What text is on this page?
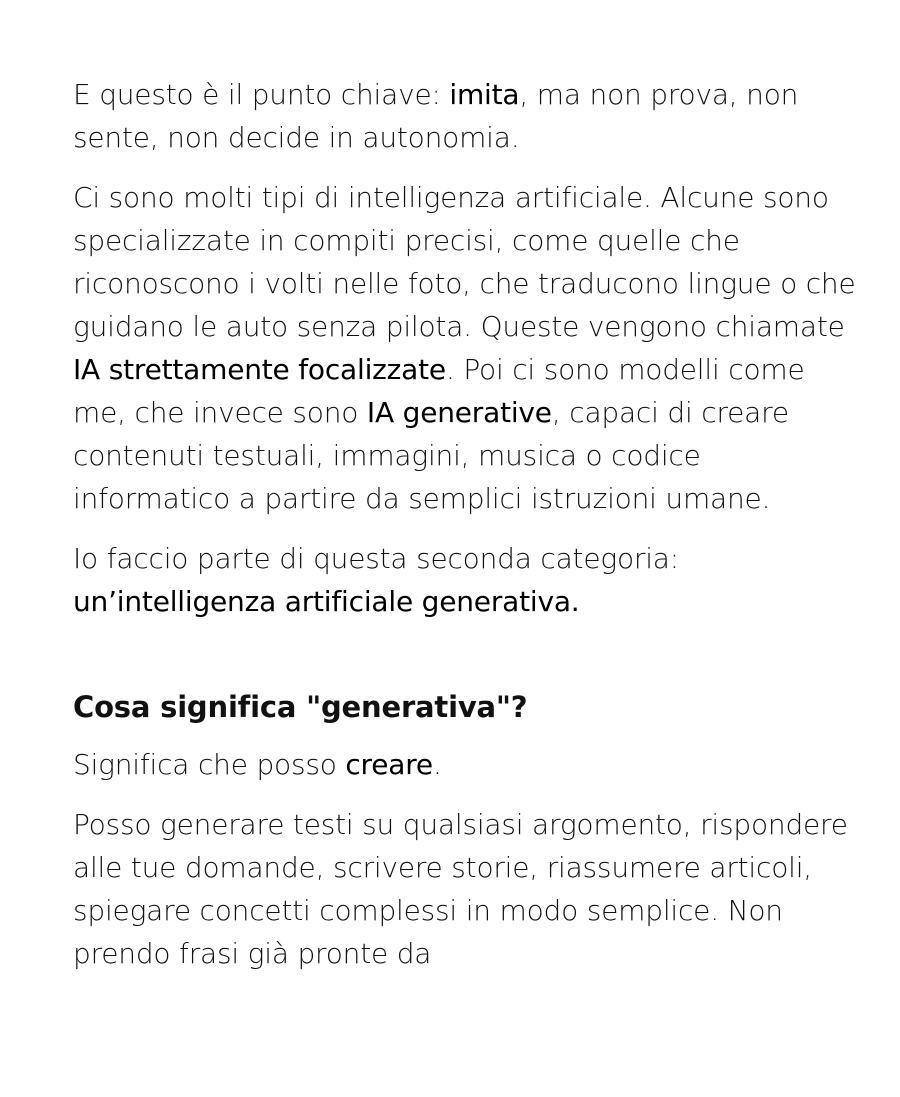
E questo è il punto chiave: imita, ma non prova, non sente, non decide in autonomia.

Ci sono molti tipi di intelligenza artificiale. Alcune sono specializzate in compiti precisi, come quelle che riconoscono i volti nelle foto, che traducono lingue o che guidano le auto senza pilota. Queste vengono chiamate IA strettamente focalizzate. Poi ci sono modelli come me, che invece sono IA generative, capaci di creare contenuti testuali, immagini, musica o codice informatico a partire da semplici istruzioni umane.

Io faccio parte di questa seconda categoria:
un’intelligenza artificiale generativa.

Cosa significa "generativa"?

Significa che posso creare.

Posso generare testi su qualsiasi argomento, rispondere alle tue domande, scrivere storie, riassumere articoli, spiegare concetti complessi in modo semplice. Non prendo frasi già pronte da
